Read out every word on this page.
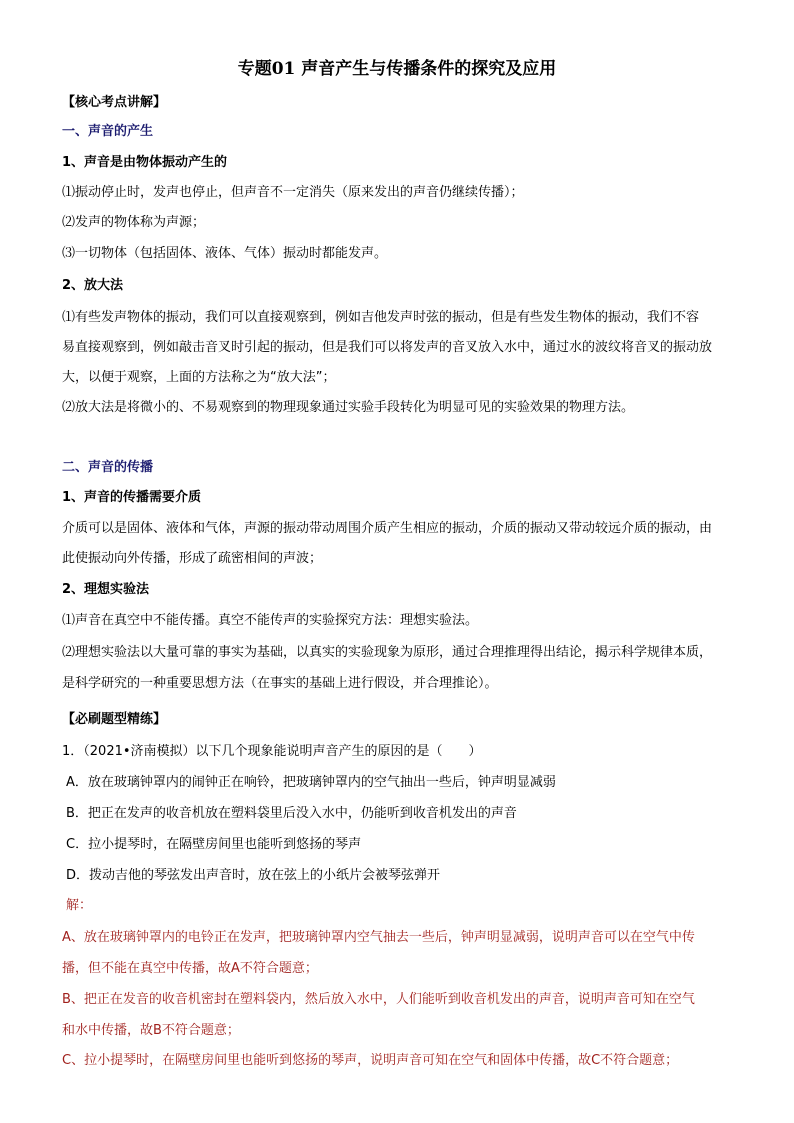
专题01 声音产生与传播条件的探究及应用
【核心考点讲解】
一、声音的产生
1、声音是由物体振动产生的
⑴振动停止时，发声也停止，但声音不一定消失（原来发出的声音仍继续传播）；
⑵发声的物体称为声源；
⑶一切物体（包括固体、液体、气体）振动时都能发声。
2、放大法
⑴有些发声物体的振动，我们可以直接观察到，例如吉他发声时弦的振动，但是有些发生物体的振动，我们不容
易直接观察到，例如敲击音叉时引起的振动，但是我们可以将发声的音叉放入水中，通过水的波纹将音叉的振动放
大，以便于观察，上面的方法称之为“放大法”；
⑵放大法是将微小的、不易观察到的物理现象通过实验手段转化为明显可见的实验效果的物理方法。
二、声音的传播
1、声音的传播需要介质
介质可以是固体、液体和气体，声源的振动带动周围介质产生相应的振动，介质的振动又带动较远介质的振动，由
此使振动向外传播，形成了疏密相间的声波；
2、理想实验法
⑴声音在真空中不能传播。真空不能传声的实验探究方法：理想实验法。
⑵理想实验法以大量可靠的事实为基础，以真实的实验现象为原形，通过合理推理得出结论，揭示科学规律本质，
是科学研究的一种重要思想方法（在事实的基础上进行假设，并合理推论）。
【必刷题型精练】
1．（2021•济南模拟）以下几个现象能说明声音产生的原因的是（　　）
A．放在玻璃钟罩内的闹钟正在响铃，把玻璃钟罩内的空气抽出一些后，钟声明显减弱
B．把正在发声的收音机放在塑料袋里后没入水中，仍能听到收音机发出的声音
C．拉小提琴时，在隔壁房间里也能听到悠扬的琴声
D．拨动吉他的琴弦发出声音时，放在弦上的小纸片会被琴弦弹开
解：
A、放在玻璃钟罩内的电铃正在发声，把玻璃钟罩内空气抽去一些后，钟声明显减弱，说明声音可以在空气中传
播，但不能在真空中传播，故A不符合题意；
B、把正在发音的收音机密封在塑料袋内，然后放入水中，人们能听到收音机发出的声音，说明声音可知在空气
和水中传播，故B不符合题意；
C、拉小提琴时，在隔壁房间里也能听到悠扬的琴声，说明声音可知在空气和固体中传播，故C不符合题意；
